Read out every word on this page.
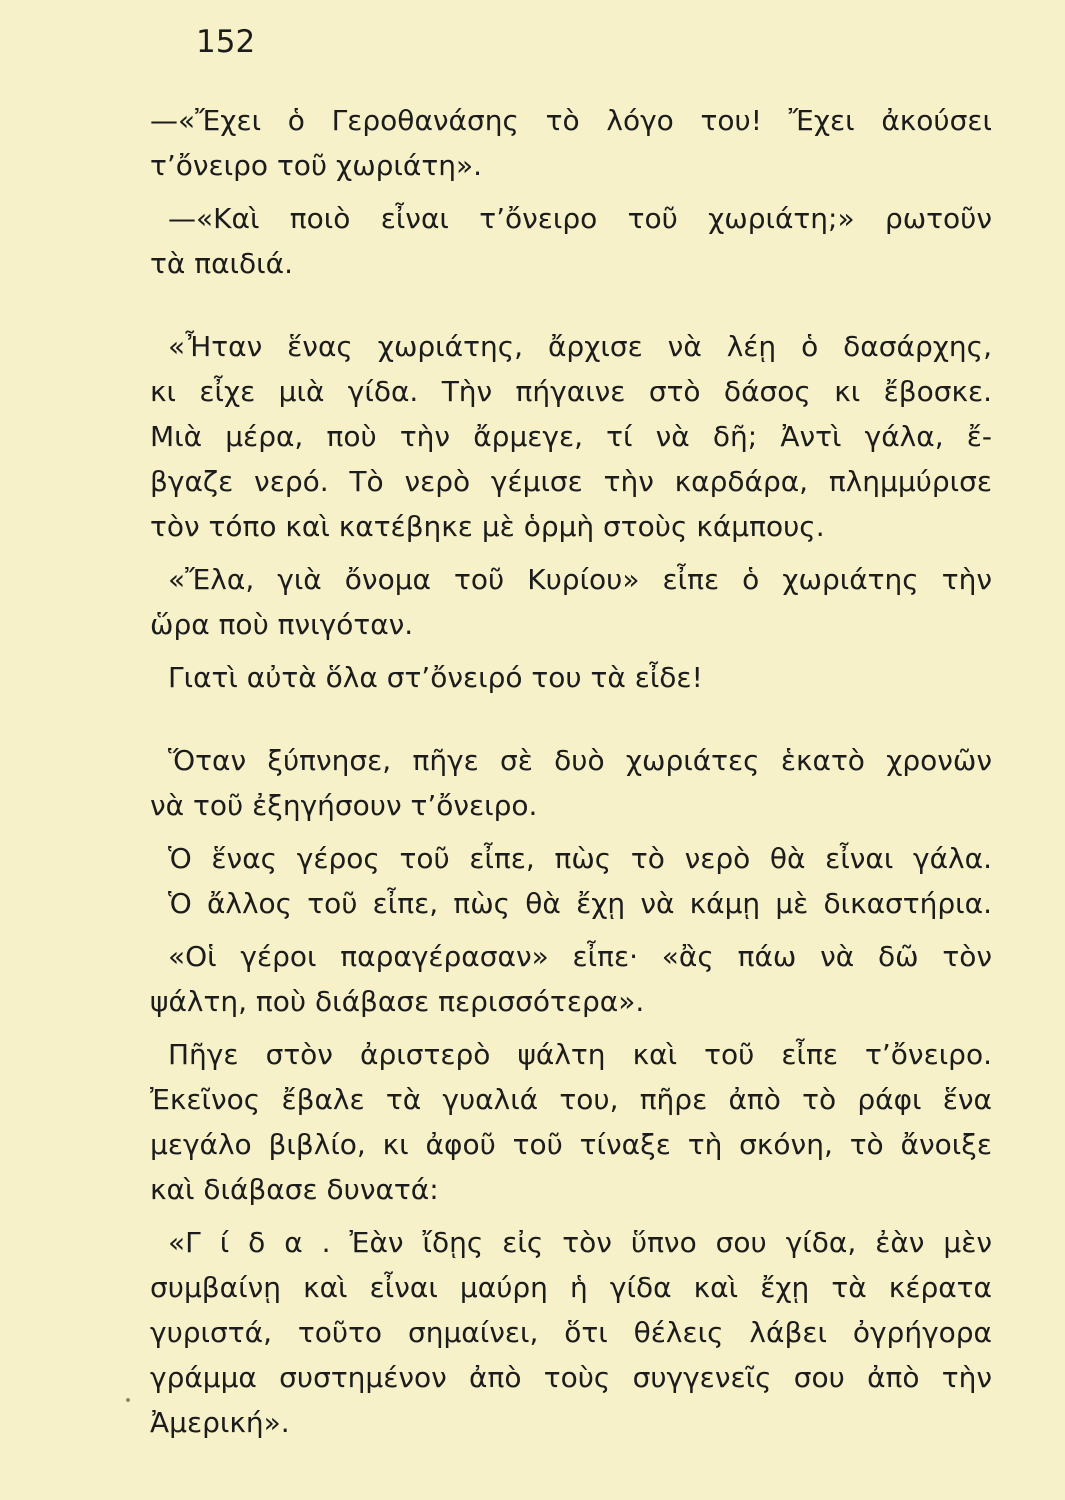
152
—«Ἔχει ὁ Γεροθανάσης τὸ λόγο του! Ἔχει ἀκούσει
τ’ὄνειρο τοῦ χωριάτη».
—«Καὶ ποιὸ εἶναι τ’ὄνειρο τοῦ χωριάτη;» ρωτοῦν
τὰ παιδιά.
«Ἦταν ἕνας χωριάτης, ἄρχισε νὰ λέῃ ὁ δασάρχης,
κι εἶχε μιὰ γίδα. Τὴν πήγαινε στὸ δάσος κι ἔβοσκε.
Μιὰ μέρα, ποὺ τὴν ἄρμεγε, τί νὰ δῆ; Ἀντὶ γάλα, ἔ-
βγαζε νερό. Τὸ νερὸ γέμισε τὴν καρδάρα, πλημμύρισε
τὸν τόπο καὶ κατέβηκε μὲ ὁρμὴ στοὺς κάμπους.
«Ἔλα, γιὰ ὄνομα τοῦ Κυρίου» εἶπε ὁ χωριάτης τὴν
ὥρα ποὺ πνιγόταν.
Γιατὶ αὐτὰ ὅλα στ’ὄνειρό του τὰ εἶδε!
Ὅταν ξύπνησε, πῆγε σὲ δυὸ χωριάτες ἑκατὸ χρονῶν
νὰ τοῦ ἐξηγήσουν τ’ὄνειρο.
Ὁ ἕνας γέρος τοῦ εἶπε, πὼς τὸ νερὸ θὰ εἶναι γάλα.
Ὁ ἄλλος τοῦ εἶπε, πὼς θὰ ἔχῃ νὰ κάμῃ μὲ δικαστήρια.
«Οἱ γέροι παραγέρασαν» εἶπε· «ἂς πάω νὰ δῶ τὸν
ψάλτη, ποὺ διάβασε περισσότερα».
Πῆγε στὸν ἀριστερὸ ψάλτη καὶ τοῦ εἶπε τ’ὄνειρο.
Ἐκεῖνος ἔβαλε τὰ γυαλιά του, πῆρε ἀπὸ τὸ ράφι ἕνα
μεγάλο βιβλίο, κι ἀφοῦ τοῦ τίναξε τὴ σκόνη, τὸ ἄνοιξε
καὶ διάβασε δυνατά:
«Γ ί δ α . Ἐὰν ἴδῃς εἰς τὸν ὕπνο σου γίδα, ἐὰν μὲν
συμβαίνῃ καὶ εἶναι μαύρη ἡ γίδα καὶ ἔχῃ τὰ κέρατα
γυριστά, τοῦτο σημαίνει, ὅτι θέλεις λάβει ὀγρήγορα
γράμμα συστημένον ἀπὸ τοὺς συγγενεῖς σου ἀπὸ τὴν
Ἀμερική».
